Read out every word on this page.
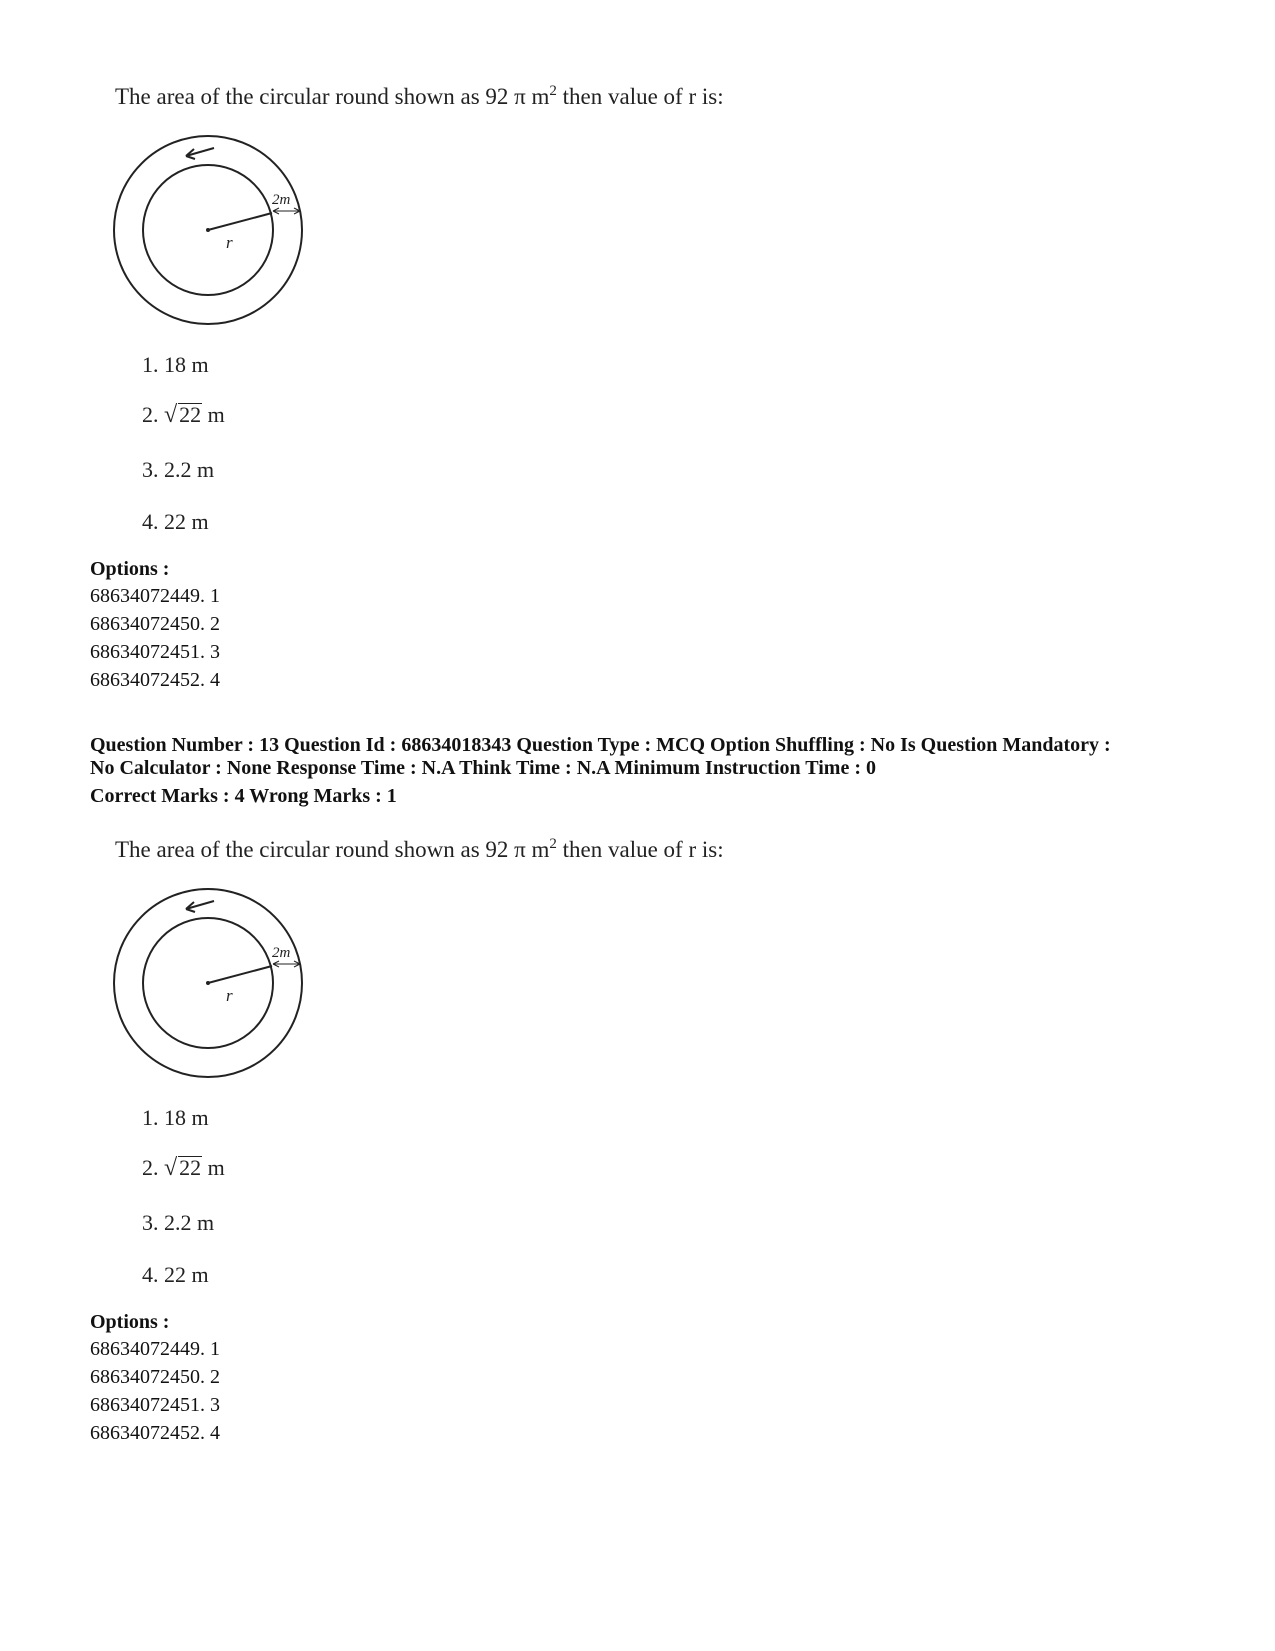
The area of the circular round shown as 92 π $m^2$ then value of r is:
2m
r
1. 18 m
2. √22 m
3. 2.2 m
4. 22 m
Options :
68634072449. 1
68634072450. 2
68634072451. 3
68634072452. 4
Question Number : 13 Question Id : 68634018343 Question Type : MCQ Option Shuffling : No Is Question Mandatory :
No Calculator : None Response Time : N.A Think Time : N.A Minimum Instruction Time : 0
Correct Marks : 4 Wrong Marks : 1
The area of the circular round shown as 92 π $m^2$ then value of r is:
2m
r
1. 18 m
2. √22 m
3. 2.2 m
4. 22 m
Options :
68634072449. 1
68634072450. 2
68634072451. 3
68634072452. 4
